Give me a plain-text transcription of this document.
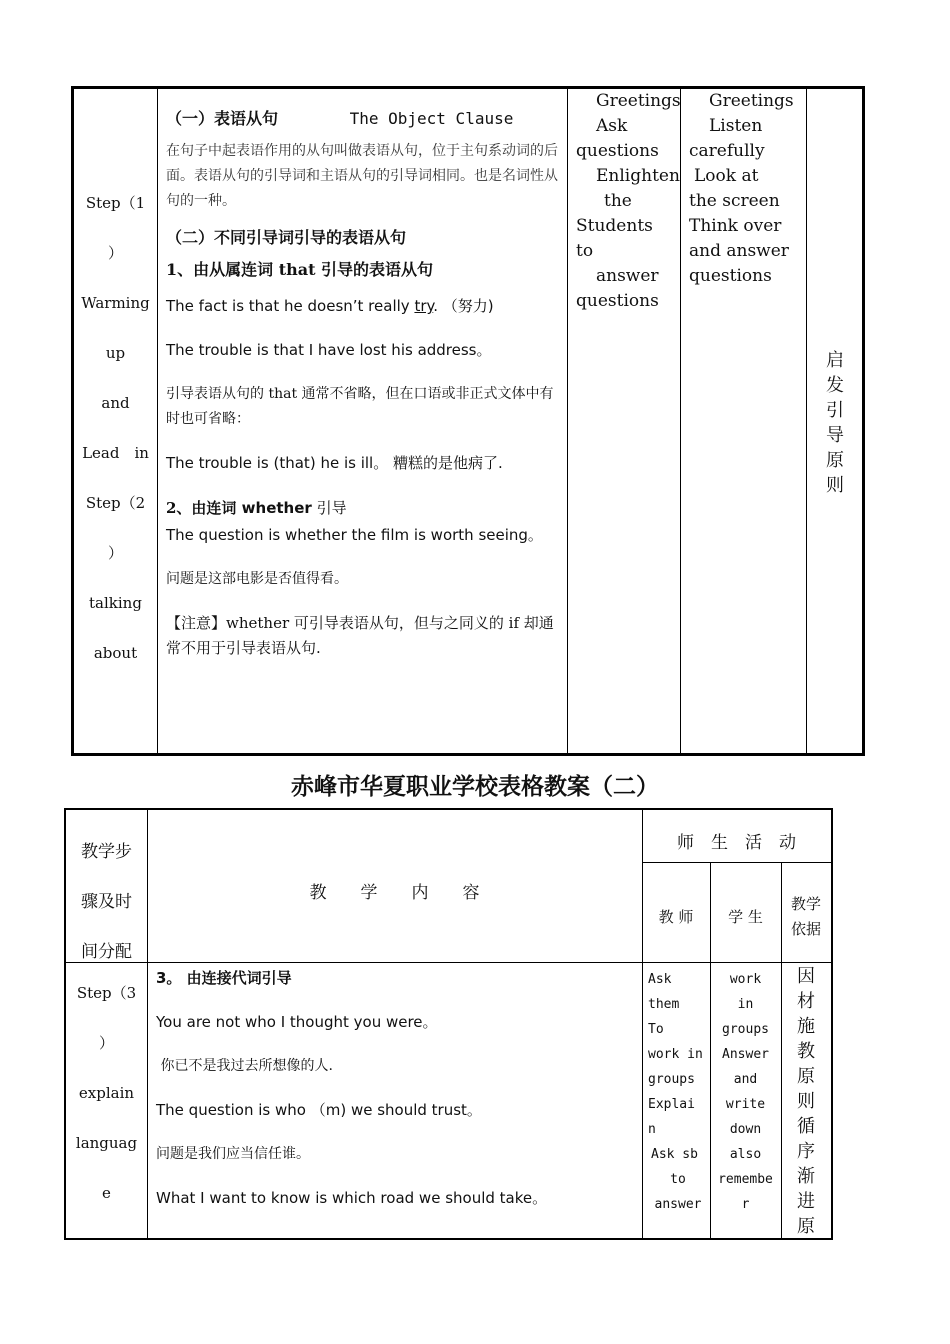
Step（1
）
Warming
up
and
Lead　in
Step（2
）
talking
about
（一）表语从句	The Object Clause
在句子中起表语作用的从句叫做表语从句，位于主句系动词的后面。表语从句的引导词和主语从句的引导词相同。也是名词性从句的一种。
（二）不同引导词引导的表语从句
1、由从属连词 that 引导的表语从句
The fact is that he doesn’t really try. （努力)
The trouble is that I have lost his address。
引导表语从句的 that 通常不省略，但在口语或非正式文体中有时也可省略：
The trouble is (that) he is ill。 糟糕的是他病了.
2、由连词 whether 引导
The question is whether the film is worth seeing。
问题是这部电影是否值得看。
【注意】whether 可引导表语从句，但与之同义的 if 却通常不用于引导表语从句.
Greetings
Ask
questions
Enlighten
the
Students to
answer
questions
Greetings
Listen
carefully
Look at
the screen
Think over
and answer
questions
启
发
引
导
原
则
赤峰市华夏职业学校表格教案（二）
教学步
骤及时
间分配
教　　学　　内　　容
师　生　活　动
教 师	学 生
教学
依据
Step（3
）
explain
languag
e
3。 由连接代词引导
You are not who I thought you were。
你已不是我过去所想像的人.
The question is who （m) we should trust。
问题是我们应当信任谁。
What I want to know is which road we should take。
Ask
them
To
work in
groups
Explai
n
Ask sb
to
answer
work
in
groups
Answer
and
write
down
also
remembe
r
因
材
施
教
原
则
循
序
渐
进
原
